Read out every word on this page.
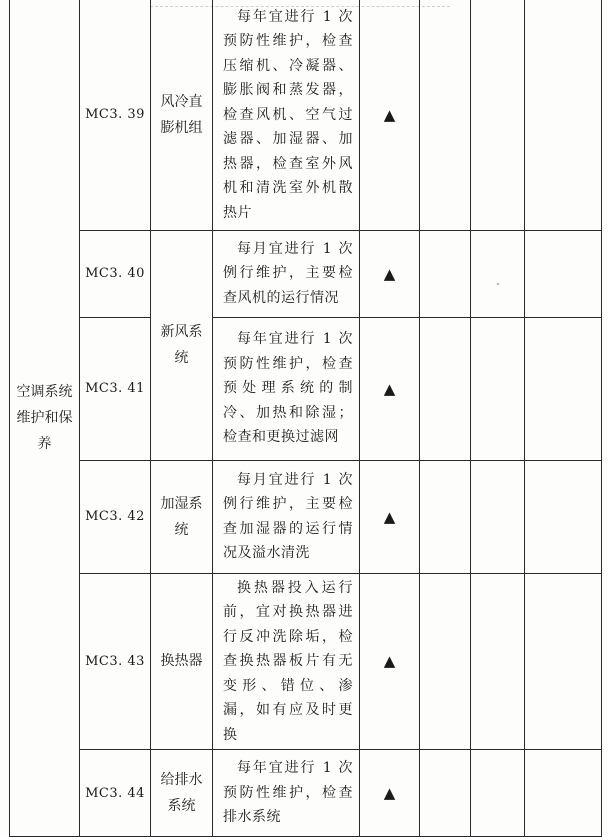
空调系统维护和保养	MC3. 39	风冷直膨机组	每年宜进行 1 次预防性维护，检查压缩机、冷凝器、膨胀阀和蒸发器，检查风机、空气过滤器、加湿器、加热器，检查室外风机和清洗室外机散热片	▲			
	MC3. 40	新风系统	每月宜进行 1 次例行维护，主要检查风机的运行情况	▲			
	MC3. 41		每年宜进行 1 次预防性维护，检查预处理系统的制冷、加热和除湿；检查和更换过滤网	▲			
	MC3. 42	加湿系统	每月宜进行 1 次例行维护，主要检查加湿器的运行情况及溢水清洗	▲			
	MC3. 43	换热器	换热器投入运行前，宜对换热器进行反冲洗除垢，检查换热器板片有无变形、错位、渗漏，如有应及时更换	▲			
	MC3. 44	给排水系统	每年宜进行 1 次预防性维护，检查排水系统	▲			
